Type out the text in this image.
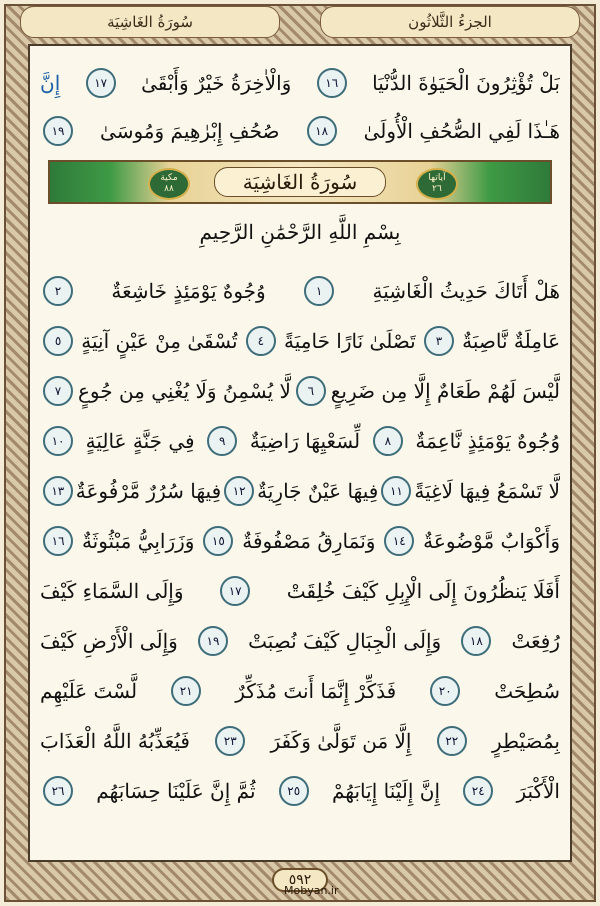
سُورَةُ الغَاشِيَة	الجزءُ الثَّلاثُون
بَلْ تُؤْثِرُونَ الْحَيَوٰةَ الدُّنْيَا
١٦
وَالْاٰخِرَةُ خَيْرٌ وَأَبْقَىٰ
١٧
إِنَّ
هَـٰذَا لَفِي الصُّحُفِ الْأُولَىٰ
١٨
صُحُفِ إِبْرٰهِيمَ وَمُوسَىٰ
١٩
مكية
٨٨	سُورَةُ الغَاشِيَة	آياتها
٢٦
بِسْمِ اللَّهِ الرَّحْمَٰنِ الرَّحِيمِ
هَلْ أَتَاكَ حَدِيثُ الْغَاشِيَةِ
١
وُجُوهٌ يَوْمَئِذٍ خَاشِعَةٌ
٢
عَامِلَةٌ نَّاصِبَةٌ
٣
تَصْلَىٰ نَارًا حَامِيَةً
٤
تُسْقَىٰ مِنْ عَيْنٍ آنِيَةٍ
٥
لَّيْسَ لَهُمْ طَعَامٌ إِلَّا مِن ضَرِيعٍ
٦
لَّا يُسْمِنُ وَلَا يُغْنِي مِن جُوعٍ
٧
وُجُوهٌ يَوْمَئِذٍ نَّاعِمَةٌ
٨
لِّسَعْيِهَا رَاضِيَةٌ
٩
فِي جَنَّةٍ عَالِيَةٍ
١٠
لَّا تَسْمَعُ فِيهَا لَاغِيَةً
١١
فِيهَا عَيْنٌ جَارِيَةٌ
١٢
فِيهَا سُرُرٌ مَّرْفُوعَةٌ
١٣
وَأَكْوَابٌ مَّوْضُوعَةٌ
١٤
وَنَمَارِقُ مَصْفُوفَةٌ
١٥
وَزَرَابِيُّ مَبْثُوثَةٌ
١٦
أَفَلَا يَنظُرُونَ إِلَى الْإِبِلِ كَيْفَ خُلِقَتْ
١٧
وَإِلَى السَّمَاءِ كَيْفَ
رُفِعَتْ
١٨
وَإِلَى الْجِبَالِ كَيْفَ نُصِبَتْ
١٩
وَإِلَى الْأَرْضِ كَيْفَ
سُطِحَتْ
٢٠
فَذَكِّرْ إِنَّمَا أَنتَ مُذَكِّرٌ
٢١
لَّسْتَ عَلَيْهِم
بِمُصَيْطِرٍ
٢٢
إِلَّا مَن تَوَلَّىٰ وَكَفَرَ
٢٣
فَيُعَذِّبُهُ اللَّهُ الْعَذَابَ
الْأَكْبَرَ
٢٤
إِنَّ إِلَيْنَا إِيَابَهُمْ
٢٥
ثُمَّ إِنَّ عَلَيْنَا حِسَابَهُم
٢٦
٥٩٢
Mobyan.ir
